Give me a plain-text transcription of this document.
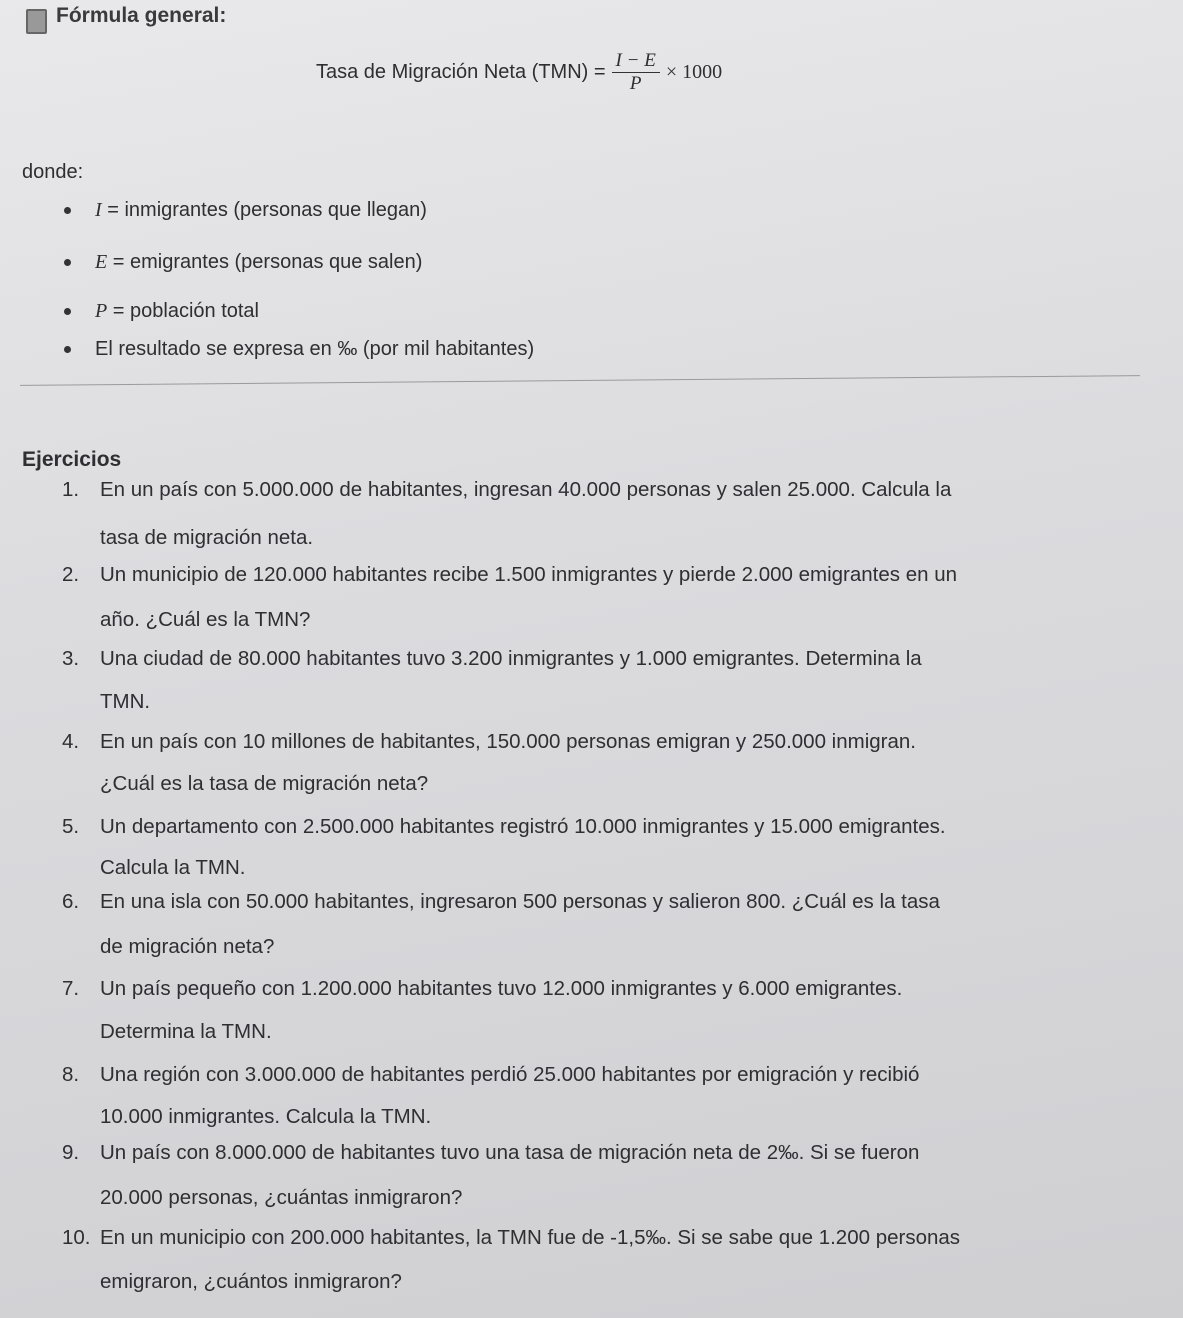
Fórmula general:
Tasa de Migración Neta $(TMN) = \frac{I - E}{P} \times 1000$
donde:
I = inmigrantes (personas que llegan)
E = emigrantes (personas que salen)
P = población total
El resultado se expresa en ‰ (por mil habitantes)
Ejercicios
1. En un país con 5.000.000 de habitantes, ingresan 40.000 personas y salen 25.000. Calcula la
tasa de migración neta.
2. Un municipio de 120.000 habitantes recibe 1.500 inmigrantes y pierde 2.000 emigrantes en un
año. ¿Cuál es la TMN?
3. Una ciudad de 80.000 habitantes tuvo 3.200 inmigrantes y 1.000 emigrantes. Determina la
TMN.
4. En un país con 10 millones de habitantes, 150.000 personas emigran y 250.000 inmigran.
¿Cuál es la tasa de migración neta?
5. Un departamento con 2.500.000 habitantes registró 10.000 inmigrantes y 15.000 emigrantes.
Calcula la TMN.
6. En una isla con 50.000 habitantes, ingresaron 500 personas y salieron 800. ¿Cuál es la tasa
de migración neta?
7. Un país pequeño con 1.200.000 habitantes tuvo 12.000 inmigrantes y 6.000 emigrantes.
Determina la TMN.
8. Una región con 3.000.000 de habitantes perdió 25.000 habitantes por emigración y recibió
10.000 inmigrantes. Calcula la TMN.
9. Un país con 8.000.000 de habitantes tuvo una tasa de migración neta de 2‰. Si se fueron
20.000 personas, ¿cuántas inmigraron?
10. En un municipio con 200.000 habitantes, la TMN fue de -1,5‰. Si se sabe que 1.200 personas
emigraron, ¿cuántos inmigraron?
